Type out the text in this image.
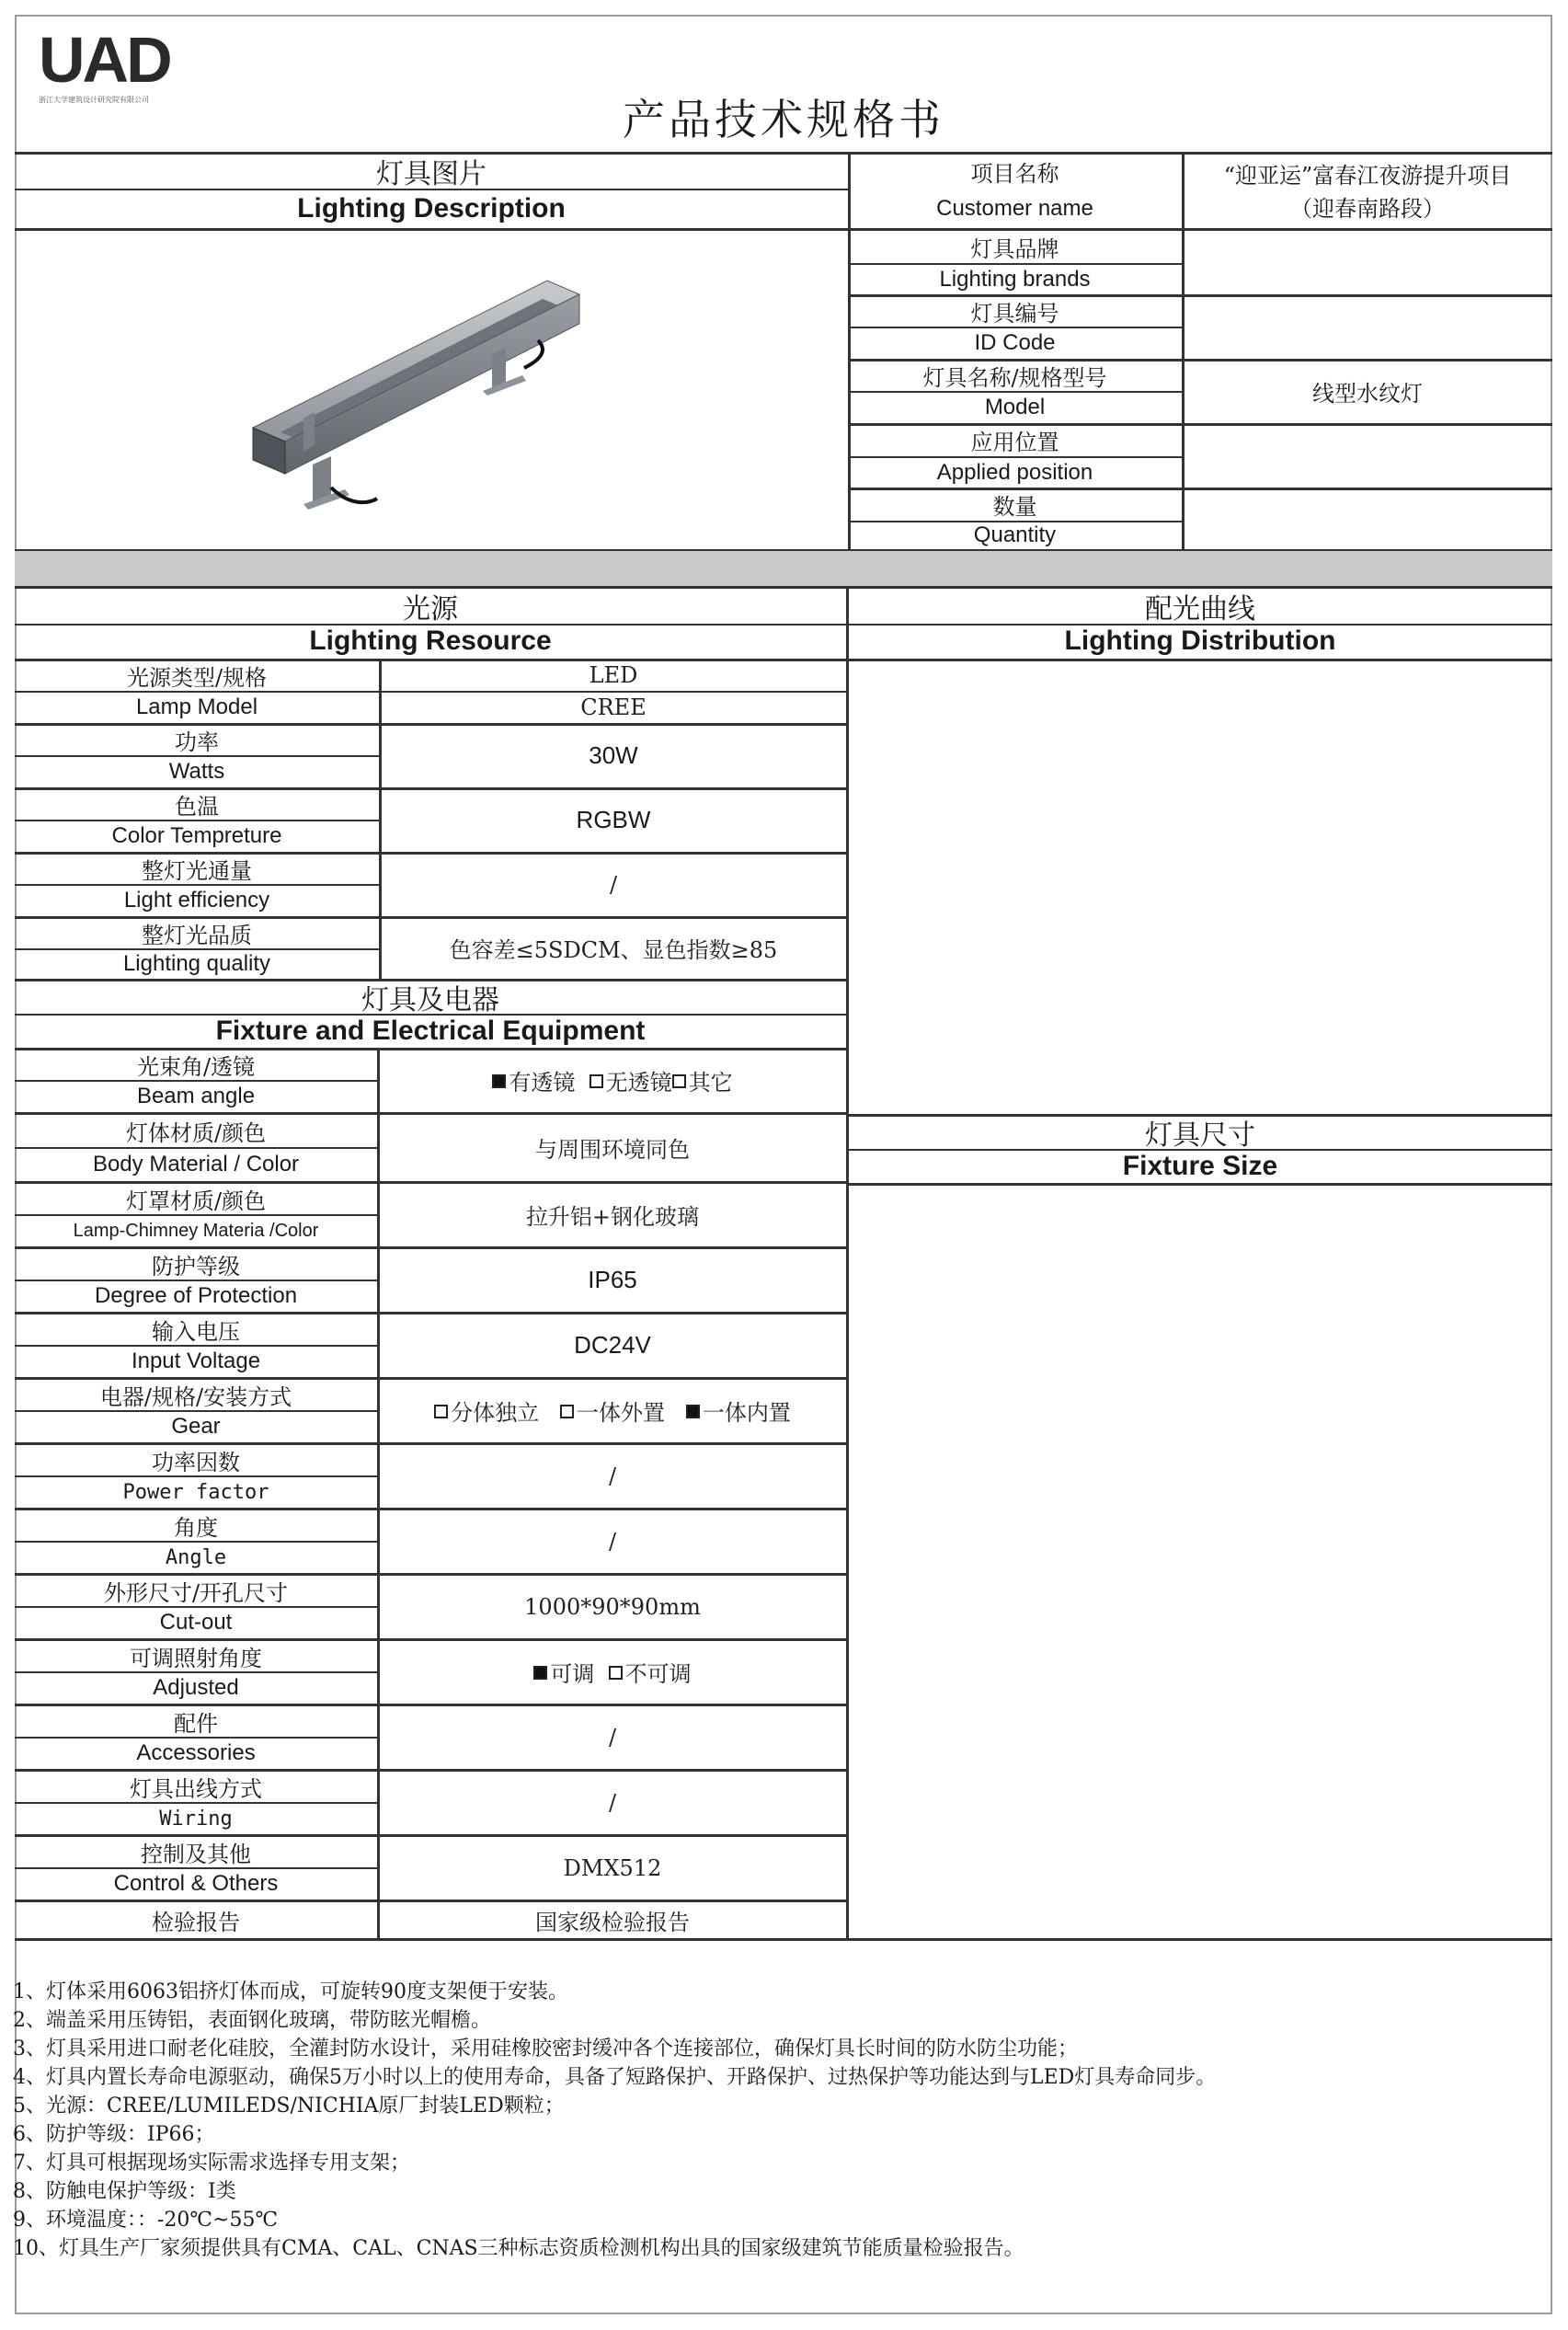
UAD
浙江大学建筑设计研究院有限公司	产品技术规格书
灯具图片
Lighting Description
项目名称
Customer name
“迎亚运”富春江夜游提升项目
（迎春南路段）
灯具品牌
Lighting brands
灯具编号
ID Code
灯具名称/规格型号
Model
线型水纹灯
应用位置
Applied position
数量
Quantity
光源
Lighting Resource
配光曲线
Lighting Distribution
光源类型/规格
Lamp Model
LED
CREE
功率
Watts
30W
色温
Color Tempreture
RGBW
整灯光通量
Light efficiency
/
整灯光品质
Lighting quality
色容差≤5SDCM、显色指数≥85
灯具及电器
Fixture and Electrical Equipment
灯具尺寸
Fixture Size
光束角/透镜
Beam angle
有透镜
无透镜 其它
灯体材质/颜色
Body Material / Color
与周围环境同色
灯罩材质/颜色
Lamp-Chimney Materia /Color
拉升铝+钢化玻璃
防护等级
Degree of Protection
IP65
输入电压
Input Voltage
DC24V
电器/规格/安装方式
Gear
分体独立
一体外置
一体内置
功率因数
Power factor
/
角度
Angle
/
外形尺寸/开孔尺寸
Cut-out
1000*90*90mm
可调照射角度
Adjusted
可调
不可调
配件
Accessories
/
灯具出线方式
Wiring
/
控制及其他
Control & Others
DMX512
检验报告	国家级检验报告
1、灯体采用6063铝挤灯体而成，可旋转90度支架便于安装。
2、端盖采用压铸铝，表面钢化玻璃，带防眩光帽檐。
3、灯具采用进口耐老化硅胶，全灌封防水设计，采用硅橡胶密封缓冲各个连接部位，确保灯具长时间的防水防尘功能；
4、灯具内置长寿命电源驱动，确保5万小时以上的使用寿命，具备了短路保护、开路保护、过热保护等功能达到与LED灯具寿命同步。
5、光源：CREE/LUMILEDS/NICHIA原厂封装LED颗粒；
6、防护等级：IP66；
7、灯具可根据现场实际需求选择专用支架；
8、防触电保护等级：I类
9、环境温度：：-20℃~55℃
10、灯具生产厂家须提供具有CMA、CAL、CNAS三种标志资质检测机构出具的国家级建筑节能质量检验报告。
